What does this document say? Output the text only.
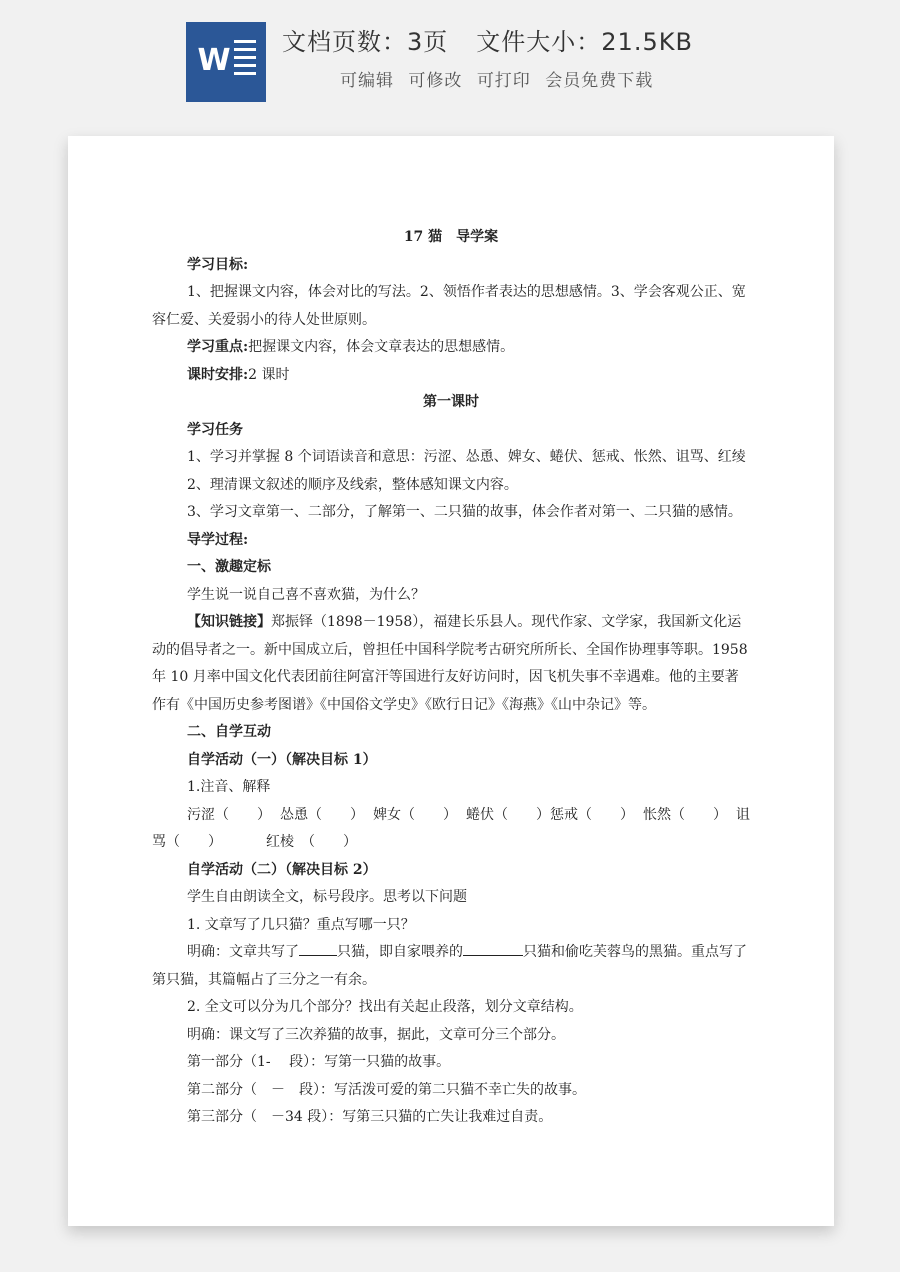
W
文档页数：3页 文件大小：21.5KB
可编辑 可修改 可打印 会员免费下载

17 猫　导学案

学习目标:

1、把握课文内容，体会对比的写法。2、领悟作者表达的思想感情。3、学会客观公正、宽容仁爱、关爱弱小的待人处世原则。

学习重点:把握课文内容，体会文章表达的思想感情。

课时安排:2 课时

第一课时

学习任务

1、学习并掌握 8 个词语读音和意思：污涩、怂恿、婢女、蜷伏、惩戒、怅然、诅骂、红绫

2、理清课文叙述的顺序及线索，整体感知课文内容。

3、学习文章第一、二部分，了解第一、二只猫的故事，体会作者对第一、二只猫的感情。

导学过程:

一、激趣定标

学生说一说自己喜不喜欢猫，为什么？

【知识链接】郑振铎（1898－1958），福建长乐县人。现代作家、文学家，我国新文化运动的倡导者之一。新中国成立后，曾担任中国科学院考古研究所所长、全国作协理事等职。1958 年 10 月率中国文化代表团前往阿富汗等国进行友好访问时，因飞机失事不幸遇难。他的主要著作有《中国历史参考图谱》《中国俗文学史》《欧行日记》《海燕》《山中杂记》等。

二、自学互动

自学活动（一）（解决目标 1）

1.注音、解释

污涩（　　） 怂恿（　　） 婢女（　　） 蜷伏（　　）惩戒（　　） 怅然（　　） 诅

骂（　　）	红棱　（　　）

自学活动（二）（解决目标 2）

学生自由朗读全文，标号段序。思考以下问题

1. 文章写了几只猫？重点写哪一只？

明确：文章共写了	只猫，即自家喂养的	只猫和偷吃芙蓉鸟的黑猫。重点写了第只猫，其篇幅占了三分之一有余。

2. 全文可以分为几个部分？找出有关起止段落，划分文章结构。

明确：课文写了三次养猫的故事，据此，文章可分三个部分。

第一部分（1-　 段）：写第一只猫的故事。

第二部分（　－　段）：写活泼可爱的第二只猫不幸亡失的故事。

第三部分（　－34 段）：写第三只猫的亡失让我难过自责。
